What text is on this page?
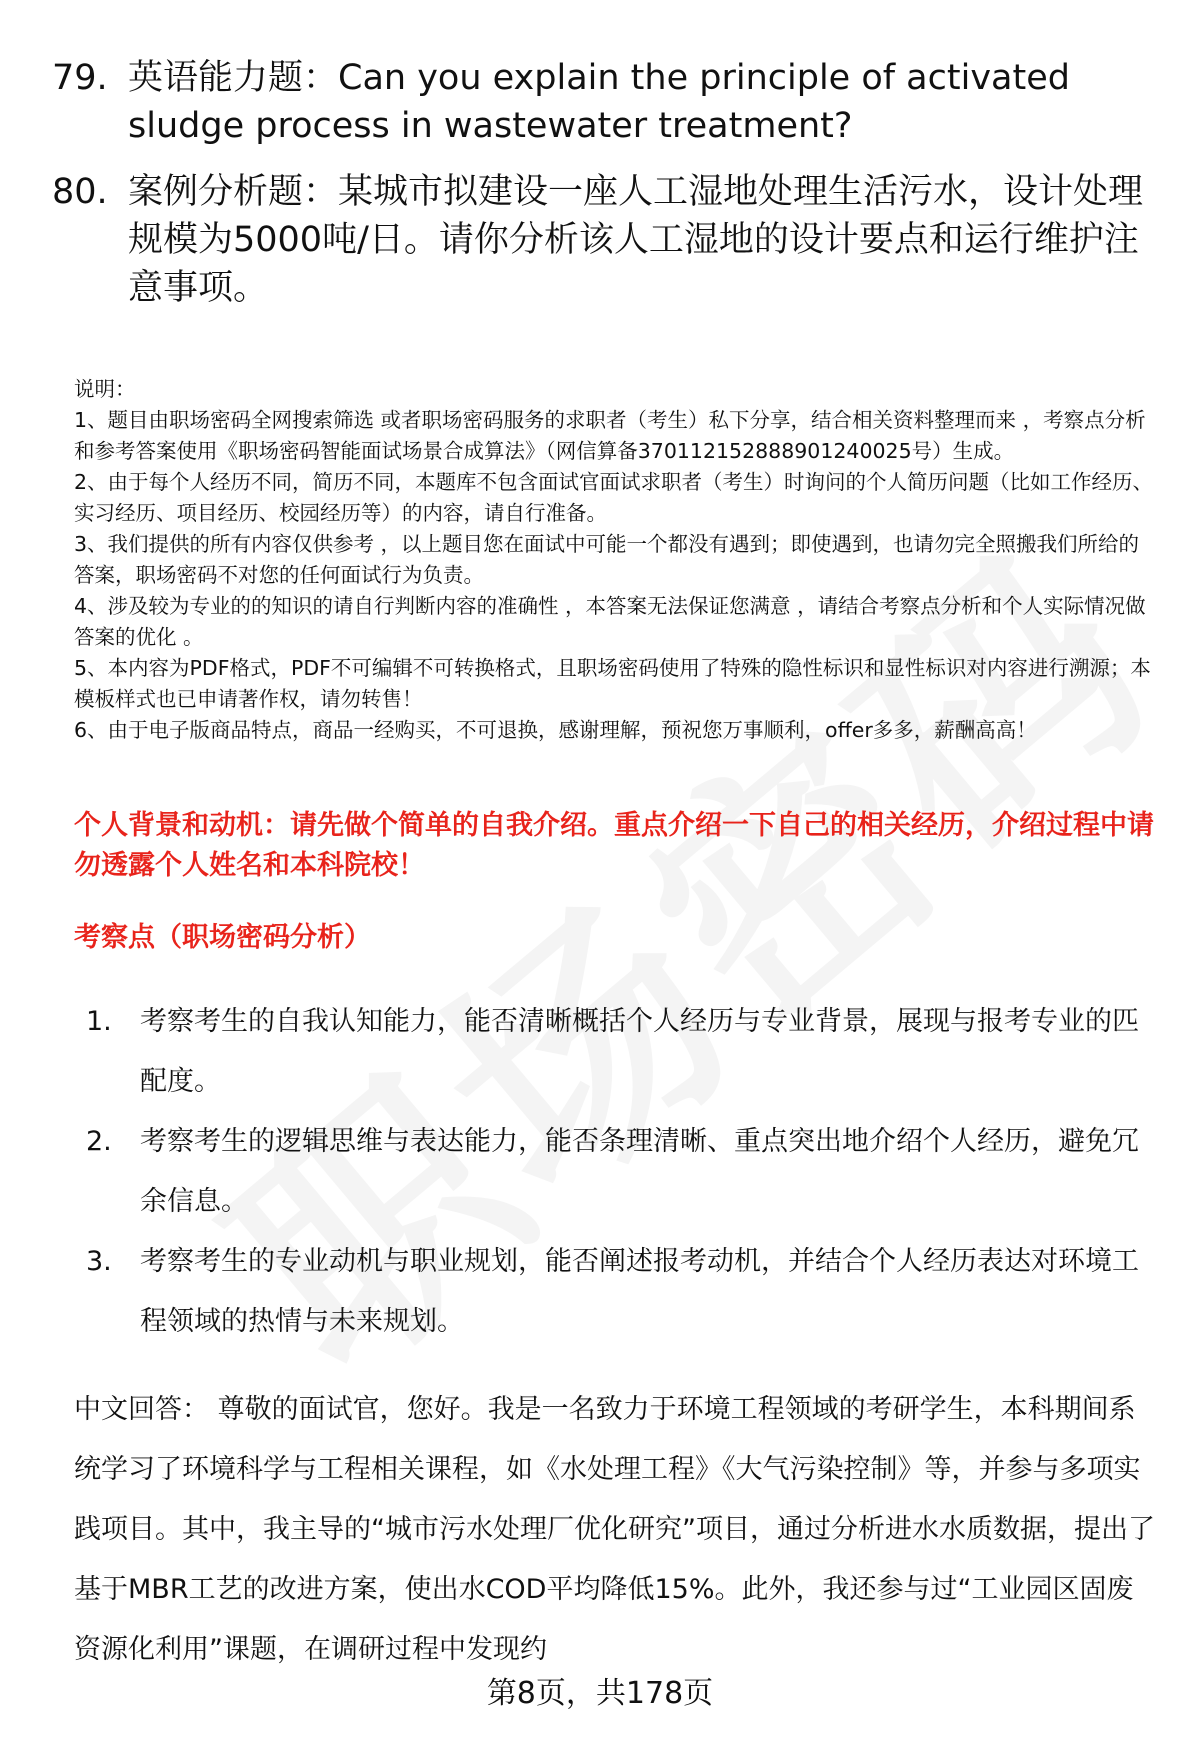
79. 英语能力题：Can you explain the principle of activated sludge process in wastewater treatment?
80. 案例分析题：某城市拟建设一座人工湿地处理生活污水，设计处理规模为5000吨/日。请你分析该人工湿地的设计要点和运行维护注意事项。

说明：

1、题目由职场密码全网搜索筛选 或者职场密码服务的求职者（考生）私下分享，结合相关资料整理而来 ，考察点分析和参考答案使用《职场密码智能面试场景合成算法》（网信算备370112152888901240025号）生成。

2、由于每个人经历不同，简历不同，本题库不包含面试官面试求职者（考生）时询问的个人简历问题（比如工作经历、实习经历、项目经历、校园经历等）的内容，请自行准备。

3、我们提供的所有内容仅供参考 ，以上题目您在面试中可能一个都没有遇到；即使遇到，也请勿完全照搬我们所给的答案，职场密码不对您的任何面试行为负责。

4、涉及较为专业的的知识的请自行判断内容的准确性 ，本答案无法保证您满意 ，请结合考察点分析和个人实际情况做答案的优化 。

5、本内容为PDF格式，PDF不可编辑不可转换格式，且职场密码使用了特殊的隐性标识和显性标识对内容进行溯源；本模板样式也已申请著作权，请勿转售！

6、由于电子版商品特点，商品一经购买，不可退换，感谢理解，预祝您万事顺利，offer多多，薪酬高高！

个人背景和动机：请先做个简单的自我介绍。重点介绍一下自己的相关经历，介绍过程中请勿透露个人姓名和本科院校！
考察点（职场密码分析）
1.	考察考生的自我认知能力，能否清晰概括个人经历与专业背景，展现与报考专业的匹配度。
2.	考察考生的逻辑思维与表达能力，能否条理清晰、重点突出地介绍个人经历，避免冗余信息。
3.	考察考生的专业动机与职业规划，能否阐述报考动机，并结合个人经历表达对环境工程领域的热情与未来规划。
中文回答： 尊敬的面试官，您好。我是一名致力于环境工程领域的考研学生，本科期间系统学习了环境科学与工程相关课程，如《水处理工程》《大气污染控制》等，并参与多项实践项目。其中，我主导的“城市污水处理厂优化研究”项目，通过分析进水水质数据，提出了基于MBR工艺的改进方案，使出水COD平均降低15%。此外，我还参与过“工业园区固废资源化利用”课题，在调研过程中发现约
第8页，共178页
